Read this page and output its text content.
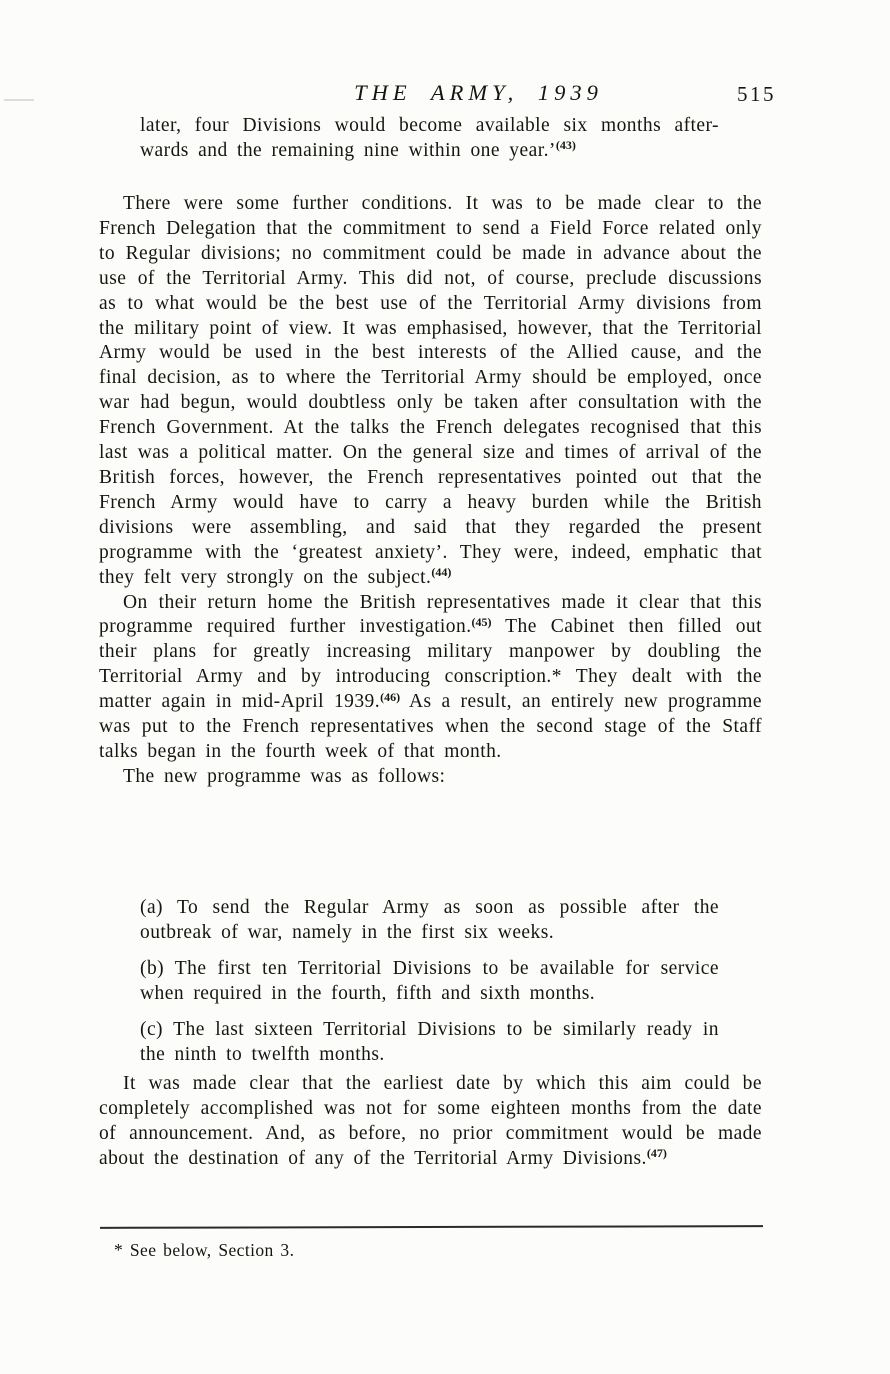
THE ARMY, 1939	515
later, four Divisions would become available six months after-
wards and the remaining nine within one year.’$^{(43)}$

There were some further conditions. It was to be made clear to the French Delegation that the commitment to send a Field Force related only to Regular divisions; no commitment could be made in advance about the use of the Territorial Army. This did not, of course, preclude discussions as to what would be the best use of the Territorial Army divisions from the military point of view. It was emphasised, however, that the Territorial Army would be used in the best interests of the Allied cause, and the final decision, as to where the Territorial Army should be employed, once war had begun, would doubtless only be taken after consultation with the French Government. At the talks the French delegates recognised that this last was a political matter. On the general size and times of arrival of the British forces, however, the French representatives pointed out that the French Army would have to carry a heavy burden while the British divisions were assembling, and said that they regarded the present programme with the ‘greatest anxiety’. They were, indeed, emphatic that they felt very strongly on the subject.$^{(44)}$

On their return home the British representatives made it clear that this programme required further investigation.$^{(45)}$ The Cabinet then filled out their plans for greatly increasing military manpower by doubling the Territorial Army and by introducing conscription.* They dealt with the matter again in mid-April 1939.$^{(46)}$ As a result, an entirely new programme was put to the French representatives when the second stage of the Staff talks began in the fourth week of that month.

The new programme was as follows:

(a) To send the Regular Army as soon as possible after the outbreak of war, namely in the first six weeks.

(b) The first ten Territorial Divisions to be available for service when required in the fourth, fifth and sixth months.

(c) The last sixteen Territorial Divisions to be similarly ready in the ninth to twelfth months.

It was made clear that the earliest date by which this aim could be completely accomplished was not for some eighteen months from the date of announcement. And, as before, no prior commitment would be made about the destination of any of the Territorial Army Divisions.$^{(47)}$

* See below, Section 3.
